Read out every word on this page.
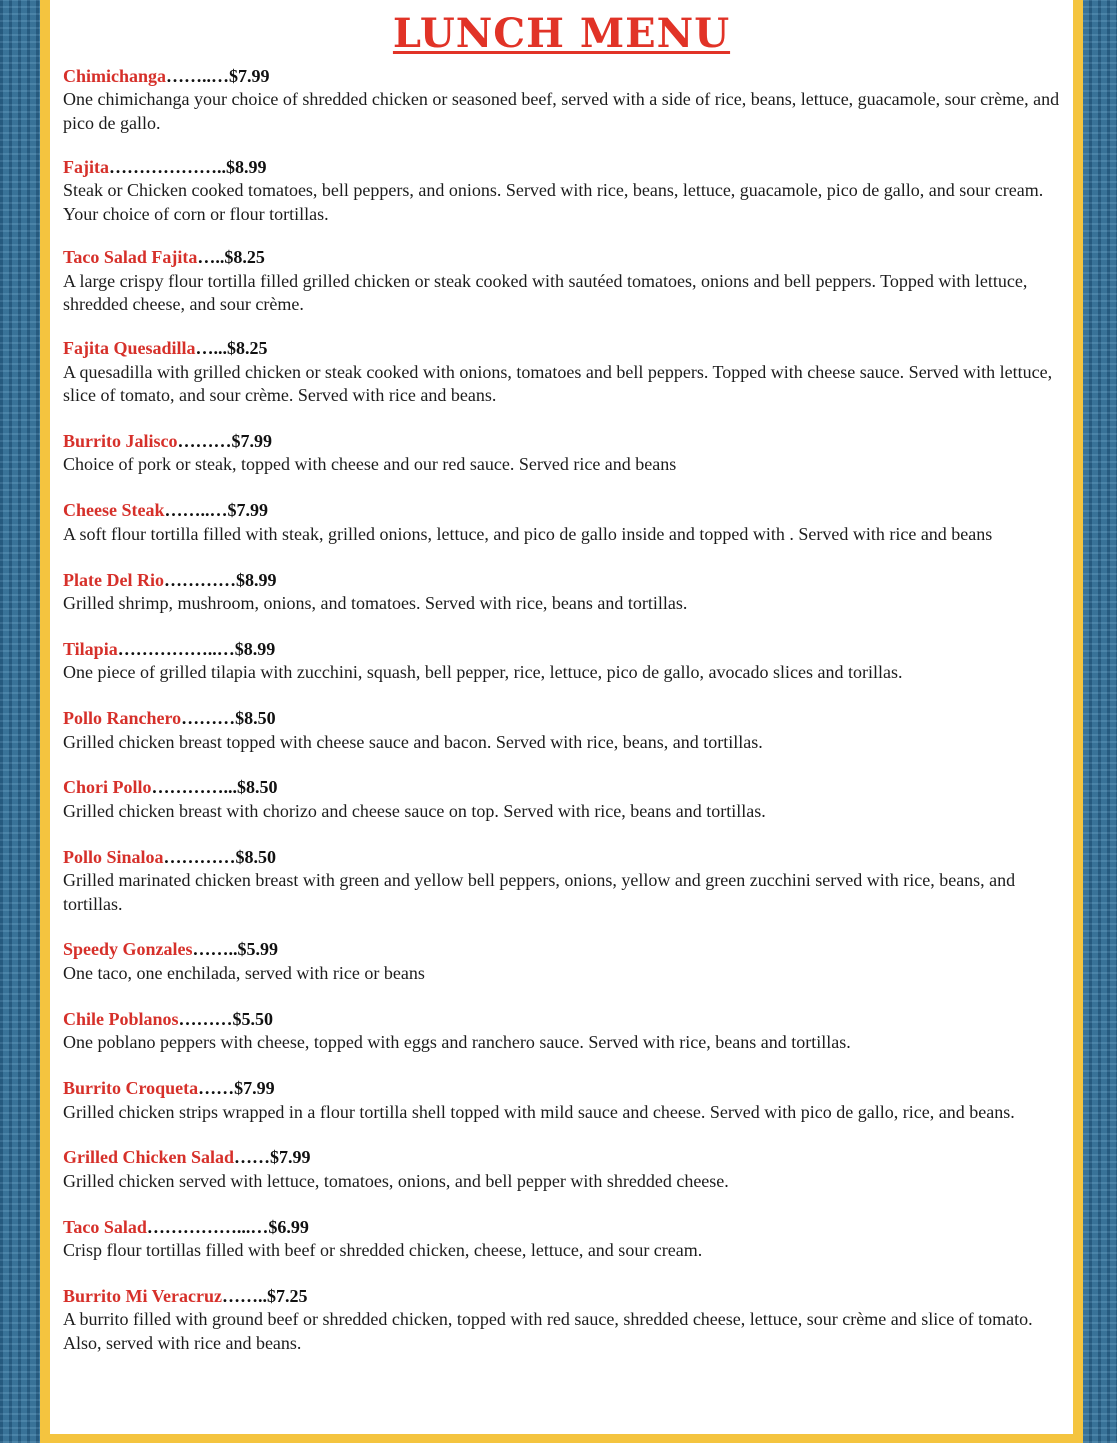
LUNCH MENU
Chimichanga……..…$7.99
One chimichanga your choice of shredded chicken or seasoned beef, served with a side of rice, beans, lettuce, guacamole, sour crème, and pico de gallo.
Fajita………………..$8.99
Steak or Chicken cooked tomatoes, bell peppers, and onions. Served with rice, beans, lettuce, guacamole, pico de gallo, and sour cream. Your choice of corn or flour tortillas.
Taco Salad Fajita…..$8.25
A large crispy flour tortilla filled grilled chicken or steak cooked with sautéed tomatoes, onions and bell peppers. Topped with lettuce, shredded cheese, and sour crème.
Fajita Quesadilla…...$8.25
A quesadilla with grilled chicken or steak cooked with onions, tomatoes and bell peppers. Topped with cheese sauce. Served with lettuce, slice of tomato, and sour crème. Served with rice and beans.
Burrito Jalisco………$7.99
Choice of pork or steak, topped with cheese and our red sauce. Served rice and beans
Cheese Steak……..…$7.99
A soft flour tortilla filled with steak, grilled onions, lettuce, and pico de gallo inside and topped with . Served with rice and beans
Plate Del Rio…………$8.99
Grilled shrimp, mushroom, onions, and tomatoes. Served with rice, beans and tortillas.
Tilapia……………..…$8.99
One piece of grilled tilapia with zucchini, squash, bell pepper, rice, lettuce, pico de gallo, avocado slices and torillas.
Pollo Ranchero………$8.50
Grilled chicken breast topped with cheese sauce and bacon. Served with rice, beans, and tortillas.
Chori Pollo…………...$8.50
Grilled chicken breast with chorizo and cheese sauce on top. Served with rice, beans and tortillas.
Pollo Sinaloa…………$8.50
Grilled marinated chicken breast with green and yellow bell peppers, onions, yellow and green zucchini served with rice, beans, and tortillas.
Speedy Gonzales……..$5.99
One taco, one enchilada, served with rice or beans
Chile Poblanos………$5.50
One poblano peppers with cheese, topped with eggs and ranchero sauce. Served with rice, beans and tortillas.
Burrito Croqueta……$7.99
Grilled chicken strips wrapped in a flour tortilla shell topped with mild sauce and cheese. Served with pico de gallo, rice, and beans.
Grilled Chicken Salad……$7.99
Grilled chicken served with lettuce, tomatoes, onions, and bell pepper with shredded cheese.
Taco Salad……………...…$6.99
Crisp flour tortillas filled with beef or shredded chicken, cheese, lettuce, and sour cream.
Burrito Mi Veracruz……..$7.25
A burrito filled with ground beef or shredded chicken, topped with red sauce, shredded cheese, lettuce, sour crème and slice of tomato. Also, served with rice and beans.
